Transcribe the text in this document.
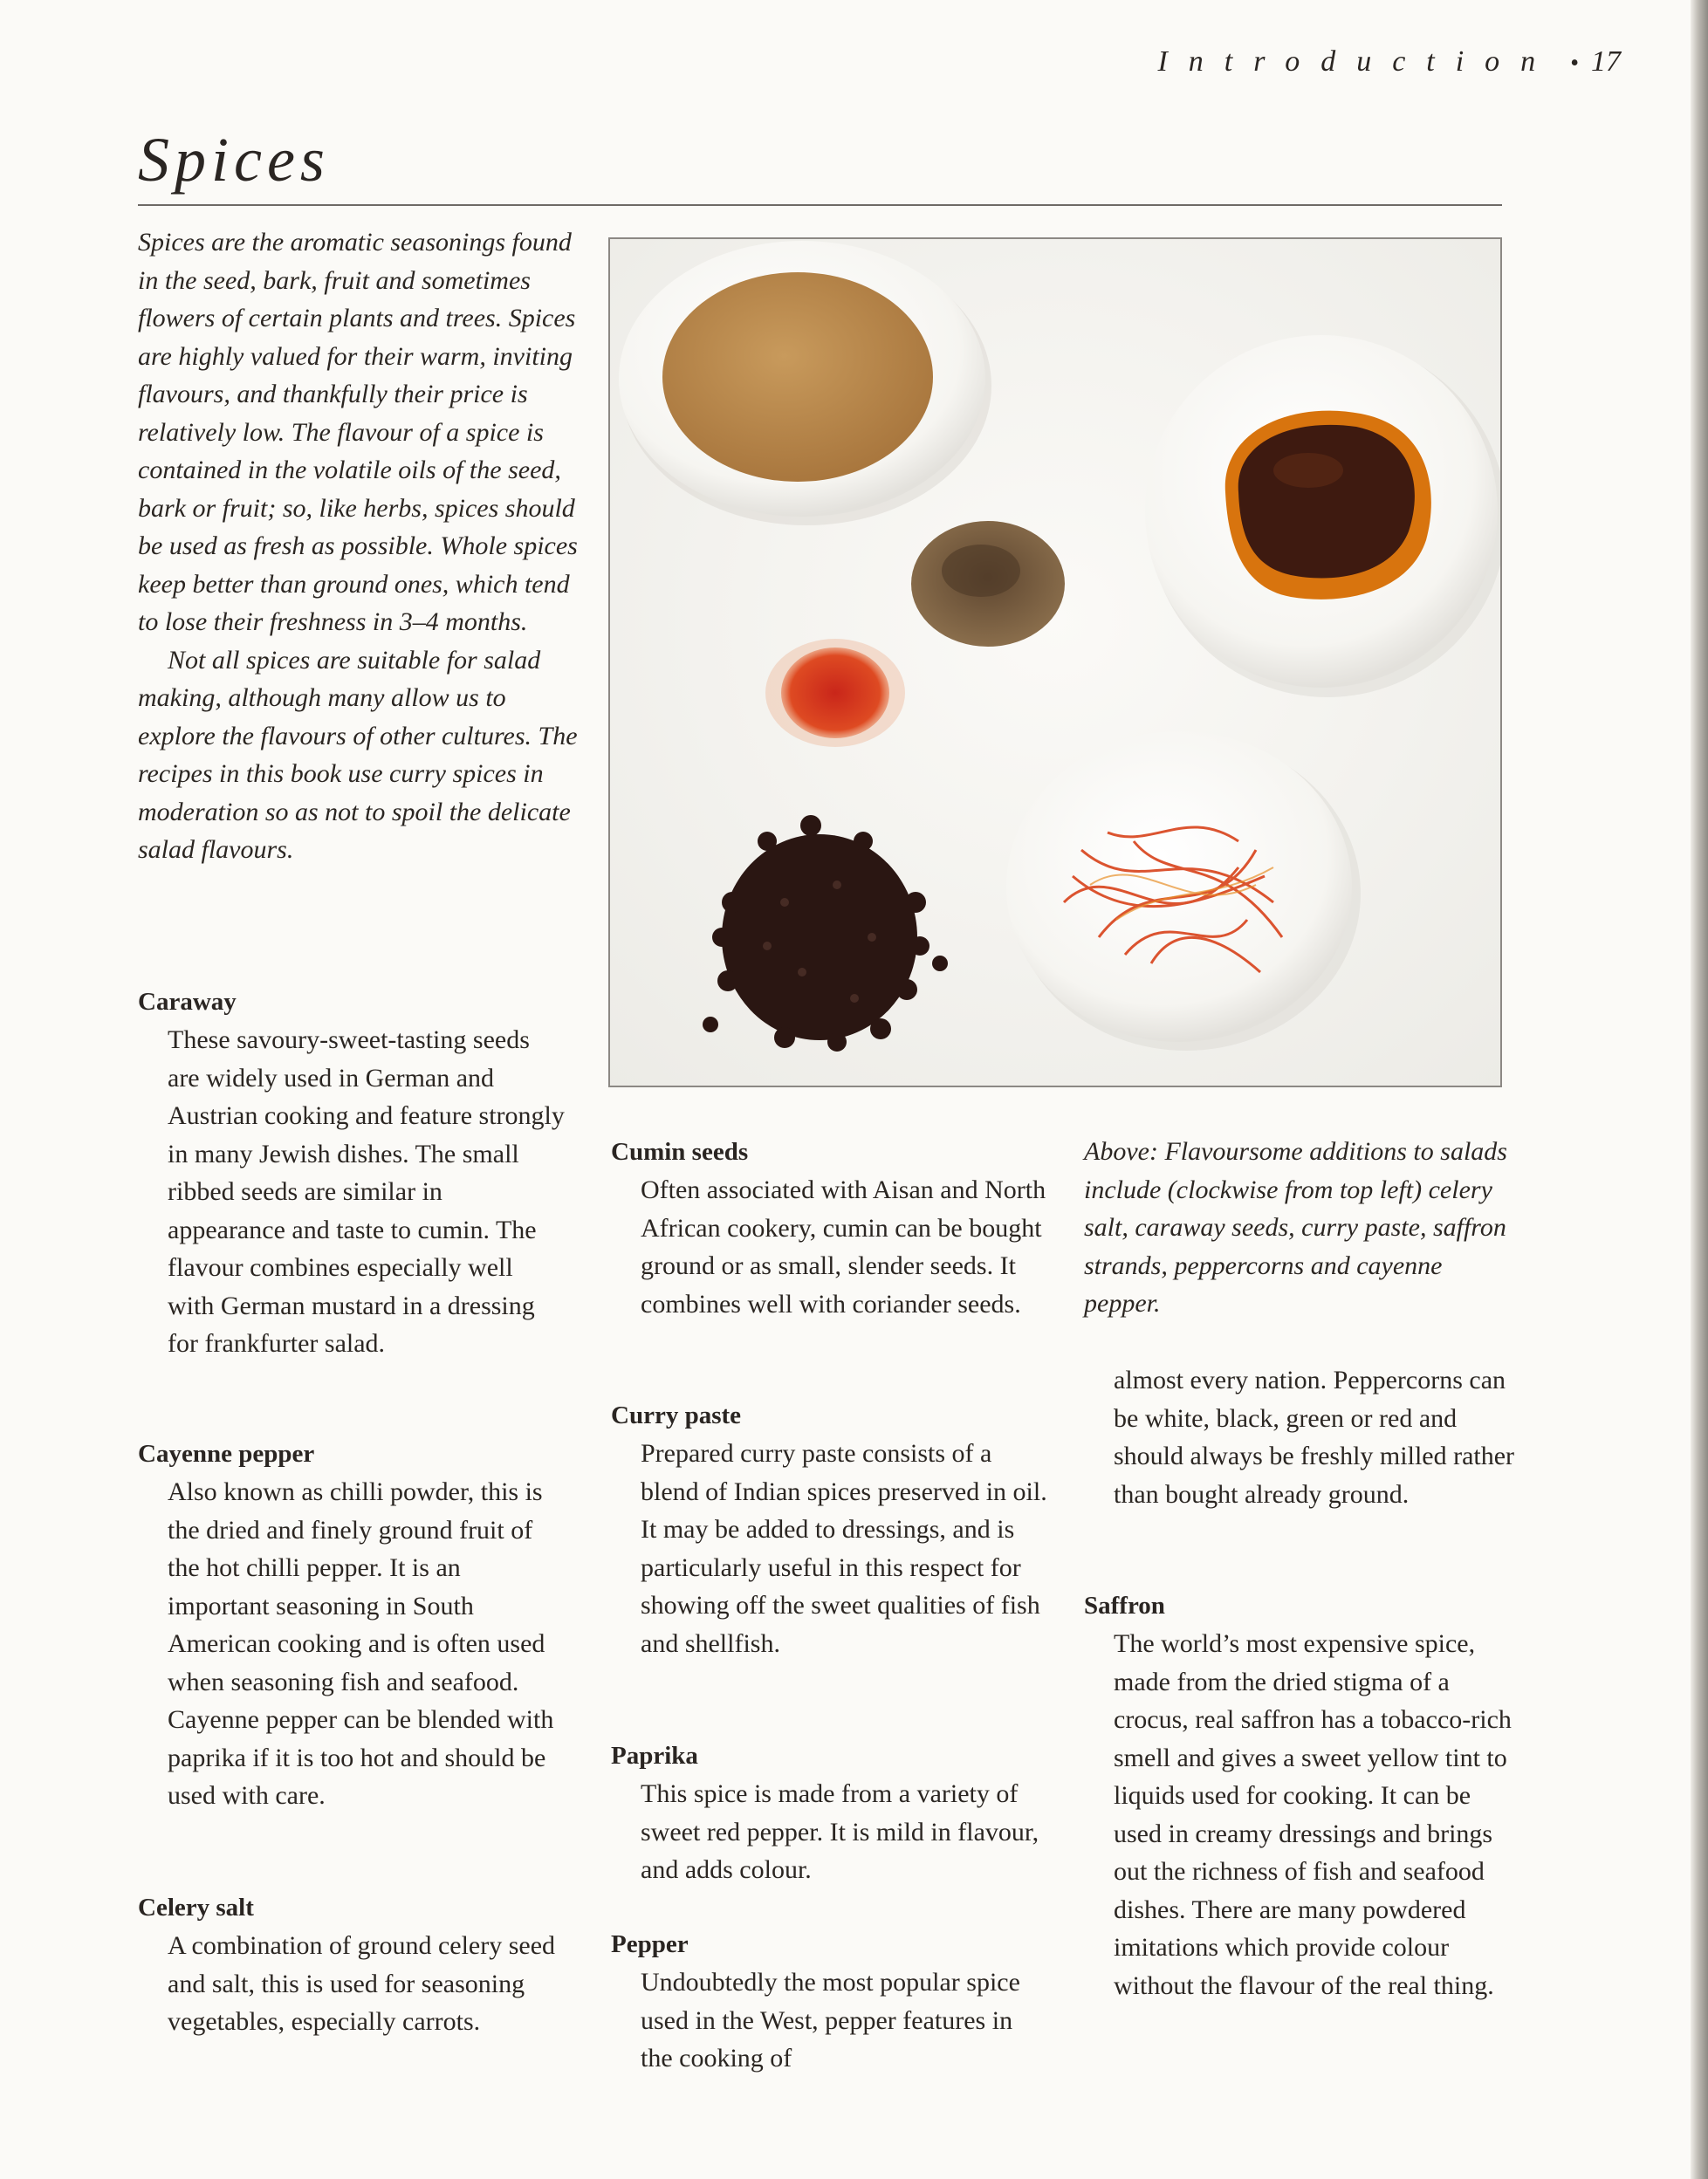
Introduction • 17
Spices

Spices are the aromatic seasonings found in the seed, bark, fruit and sometimes flowers of certain plants and trees. Spices are highly valued for their warm, inviting flavours, and thankfully their price is relatively low. The flavour of a spice is contained in the volatile oils of the seed, bark or fruit; so, like herbs, spices should be used as fresh as possible. Whole spices keep better than ground ones, which tend to lose their freshness in 3–4 months.

Not all spices are suitable for salad making, although many allow us to explore the flavours of other cultures. The recipes in this book use curry spices in moderation so as not to spoil the delicate salad flavours.

Caraway

These savoury-sweet-tasting seeds are widely used in German and Austrian cooking and feature strongly in many Jewish dishes. The small ribbed seeds are similar in appearance and taste to cumin. The flavour combines especially well with German mustard in a dressing for frankfurter salad.

Cayenne pepper

Also known as chilli powder, this is the dried and finely ground fruit of the hot chilli pepper. It is an important seasoning in South American cooking and is often used when seasoning fish and seafood. Cayenne pepper can be blended with paprika if it is too hot and should be used with care.

Celery salt

A combination of ground celery seed and salt, this is used for seasoning vegetables, especially carrots.

Cumin seeds

Often associated with Aisan and North African cookery, cumin can be bought ground or as small, slender seeds. It combines well with coriander seeds.

Curry paste

Prepared curry paste consists of a blend of Indian spices preserved in oil. It may be added to dressings, and is particularly useful in this respect for showing off the sweet qualities of fish and shellfish.

Paprika

This spice is made from a variety of sweet red pepper. It is mild in flavour, and adds colour.

Pepper

Undoubtedly the most popular spice used in the West, pepper features in the cooking of

Above: Flavoursome additions to salads include (clockwise from top left) celery salt, caraway seeds, curry paste, saffron strands, peppercorns and cayenne pepper.

almost every nation. Peppercorns can be white, black, green or red and should always be freshly milled rather than bought already ground.

Saffron

The world’s most expensive spice, made from the dried stigma of a crocus, real saffron has a tobacco-rich smell and gives a sweet yellow tint to liquids used for cooking. It can be used in creamy dressings and brings out the richness of fish and seafood dishes. There are many powdered imitations which provide colour without the flavour of the real thing.
